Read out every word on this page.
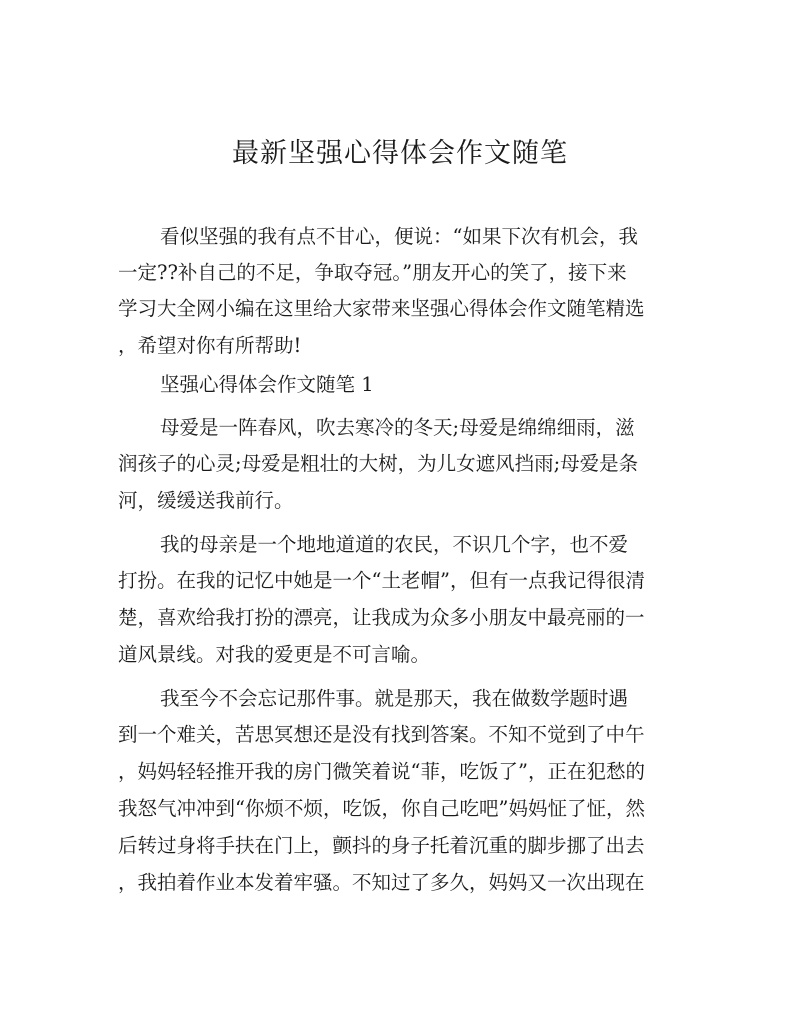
最新坚强心得体会作文随笔
看似坚强的我有点不甘心，便说：“如果下次有机会，我
一定??补自己的不足，争取夺冠。”朋友开心的笑了，接下来
学习大全网小编在这里给大家带来坚强心得体会作文随笔精选
，希望对你有所帮助!
坚强心得体会作文随笔 1
母爱是一阵春风，吹去寒冷的冬天;母爱是绵绵细雨，滋
润孩子的心灵;母爱是粗壮的大树，为儿女遮风挡雨;母爱是条
河，缓缓送我前行。
我的母亲是一个地地道道的农民，不识几个字，也不爱
打扮。在我的记忆中她是一个“土老帽”，但有一点我记得很清
楚，喜欢给我打扮的漂亮，让我成为众多小朋友中最亮丽的一
道风景线。对我的爱更是不可言喻。
我至今不会忘记那件事。就是那天，我在做数学题时遇
到一个难关，苦思冥想还是没有找到答案。不知不觉到了中午
，妈妈轻轻推开我的房门微笑着说“菲，吃饭了”，正在犯愁的
我怒气冲冲到“你烦不烦，吃饭，你自己吃吧”妈妈怔了怔，然
后转过身将手扶在门上，颤抖的身子托着沉重的脚步挪了出去
，我拍着作业本发着牢骚。不知过了多久，妈妈又一次出现在
